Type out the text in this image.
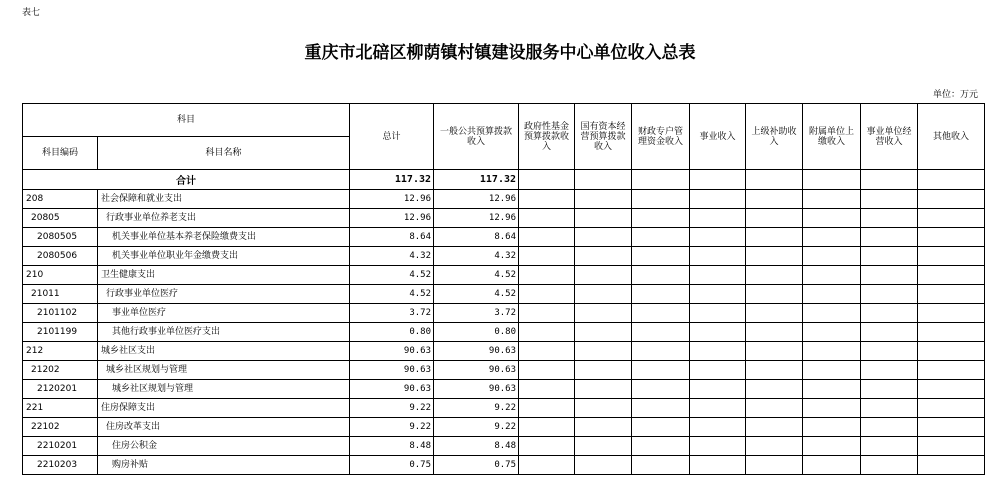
表七
重庆市北碚区柳荫镇村镇建设服务中心单位收入总表
单位：万元
科目		总计	一般公共预算拨款收入	政府性基金预算拨款收入	国有资本经营预算拨款收入	财政专户管理资金收入	事业收入	上级补助收入	附属单位上缴收入	事业单位经营收入	其他收入
科目编码	科目名称										
合计		117.32	117.32								
208	社会保障和就业支出	12.96	12.96								
20805	行政事业单位养老支出	12.96	12.96								
2080505	机关事业单位基本养老保险缴费支出	8.64	8.64								
2080506	机关事业单位职业年金缴费支出	4.32	4.32								
210	卫生健康支出	4.52	4.52								
21011	行政事业单位医疗	4.52	4.52								
2101102	事业单位医疗	3.72	3.72								
2101199	其他行政事业单位医疗支出	0.80	0.80								
212	城乡社区支出	90.63	90.63								
21202	城乡社区规划与管理	90.63	90.63								
2120201	城乡社区规划与管理	90.63	90.63								
221	住房保障支出	9.22	9.22								
22102	住房改革支出	9.22	9.22								
2210201	住房公积金	8.48	8.48								
2210203	购房补贴	0.75	0.75								
